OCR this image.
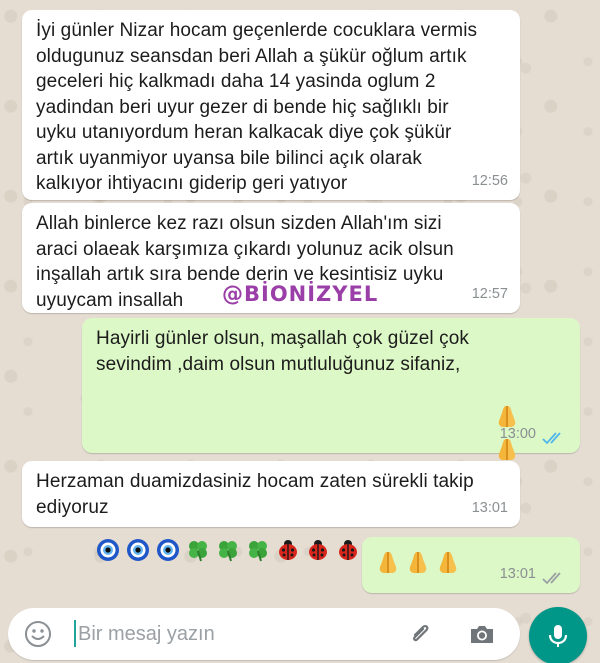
İyi günler Nizar hocam geçenlerde cocuklara vermis
oldugunuz seansdan beri Allah a şükür oğlum artık
geceleri hiç kalkmadı daha 14 yasinda oglum 2
yadindan beri uyur gezer di bende hiç sağlıklı bir
uyku utanıyordum heran kalkacak diye çok şükür
artık uyanmiyor uyansa bile bilinci açık olarak
kalkıyor ihtiyacını giderip geri yatıyor	12:56
Allah binlerce kez razı olsun sizden Allah'ım sizi
araci olaeak karşımıza çıkardı yolunuz acik olsun
inşallah artık sıra bende derin ve kesintisiz uyku
uyuycam insallah	12:57
@BİONİZYEL
Hayirli günler olsun, maşallah çok güzel çok
sevindim ,daim olsun mutluluğunuz sifaniz,

13:00
Herzaman duamizdasiniz hocam zaten sürekli takip
ediyoruz	13:01
13:01
Bir mesaj yazın
